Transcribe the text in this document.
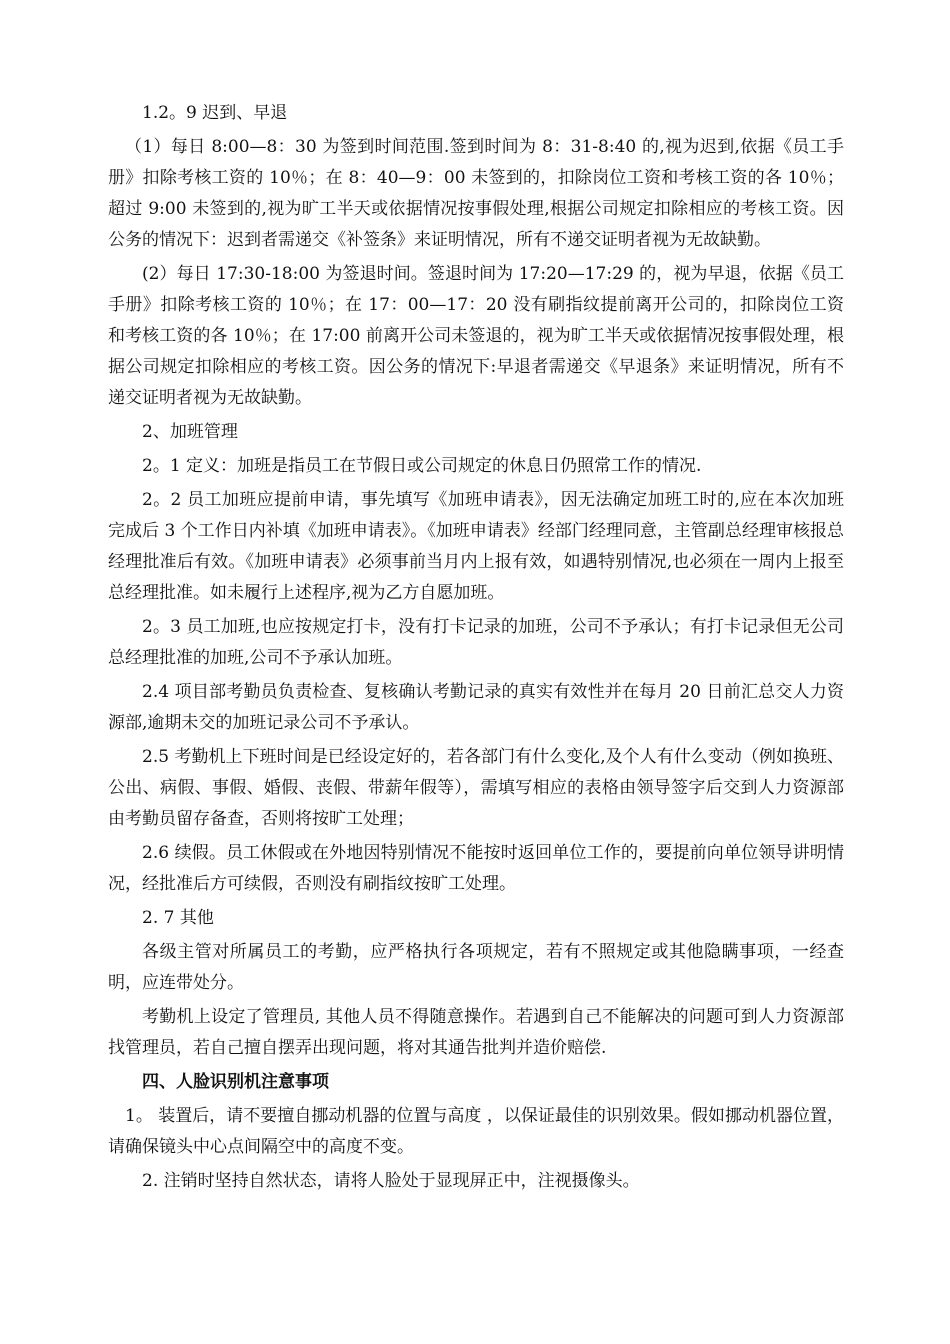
1.2。9 迟到、早退

（1）每日 8:00—8：30 为签到时间范围.签到时间为 8：31-8:40 的,视为迟到,依据《员工手册》扣除考核工资的 10％；在 8：40—9：00 未签到的，扣除岗位工资和考核工资的各 10％；超过 9:00 未签到的,视为旷工半天或依据情况按事假处理,根据公司规定扣除相应的考核工资。因公务的情况下：迟到者需递交《补签条》来证明情况，所有不递交证明者视为无故缺勤。

(2）每日 17:30-18:00 为签退时间。签退时间为 17:20—17:29 的，视为早退，依据《员工手册》扣除考核工资的 10％；在 17：00—17：20 没有刷指纹提前离开公司的，扣除岗位工资和考核工资的各 10％；在 17:00 前离开公司未签退的，视为旷工半天或依据情况按事假处理，根据公司规定扣除相应的考核工资。因公务的情况下:早退者需递交《早退条》来证明情况，所有不递交证明者视为无故缺勤。

2、加班管理

2。1 定义：加班是指员工在节假日或公司规定的休息日仍照常工作的情况.

2。2 员工加班应提前申请，事先填写《加班申请表》，因无法确定加班工时的,应在本次加班完成后 3 个工作日内补填《加班申请表》。《加班申请表》经部门经理同意，主管副总经理审核报总经理批准后有效。《加班申请表》必须事前当月内上报有效，如遇特别情况,也必须在一周内上报至总经理批准。如未履行上述程序,视为乙方自愿加班。

2。3 员工加班,也应按规定打卡，没有打卡记录的加班，公司不予承认；有打卡记录但无公司总经理批准的加班,公司不予承认加班。

2.4 项目部考勤员负责检查、复核确认考勤记录的真实有效性并在每月 20 日前汇总交人力资源部,逾期未交的加班记录公司不予承认。

2.5 考勤机上下班时间是已经设定好的，若各部门有什么变化,及个人有什么变动（例如换班、公出、病假、事假、婚假、丧假、带薪年假等），需填写相应的表格由领导签字后交到人力资源部由考勤员留存备查，否则将按旷工处理；

2.6 续假。员工休假或在外地因特别情况不能按时返回单位工作的，要提前向单位领导讲明情况，经批准后方可续假，否则没有刷指纹按旷工处理。

2. 7 其他

各级主管对所属员工的考勤，应严格执行各项规定，若有不照规定或其他隐瞒事项，一经查明，应连带处分。

考勤机上设定了管理员, 其他人员不得随意操作。若遇到自己不能解决的问题可到人力资源部找管理员，若自己擅自摆弄出现问题，将对其通告批判并造价赔偿.

四、人脸识别机注意事项

1。 装置后，请不要擅自挪动机器的位置与高度 ，以保证最佳的识别效果。假如挪动机器位置，请确保镜头中心点间隔空中的高度不变。

2. 注销时坚持自然状态，请将人脸处于显现屏正中，注视摄像头。
